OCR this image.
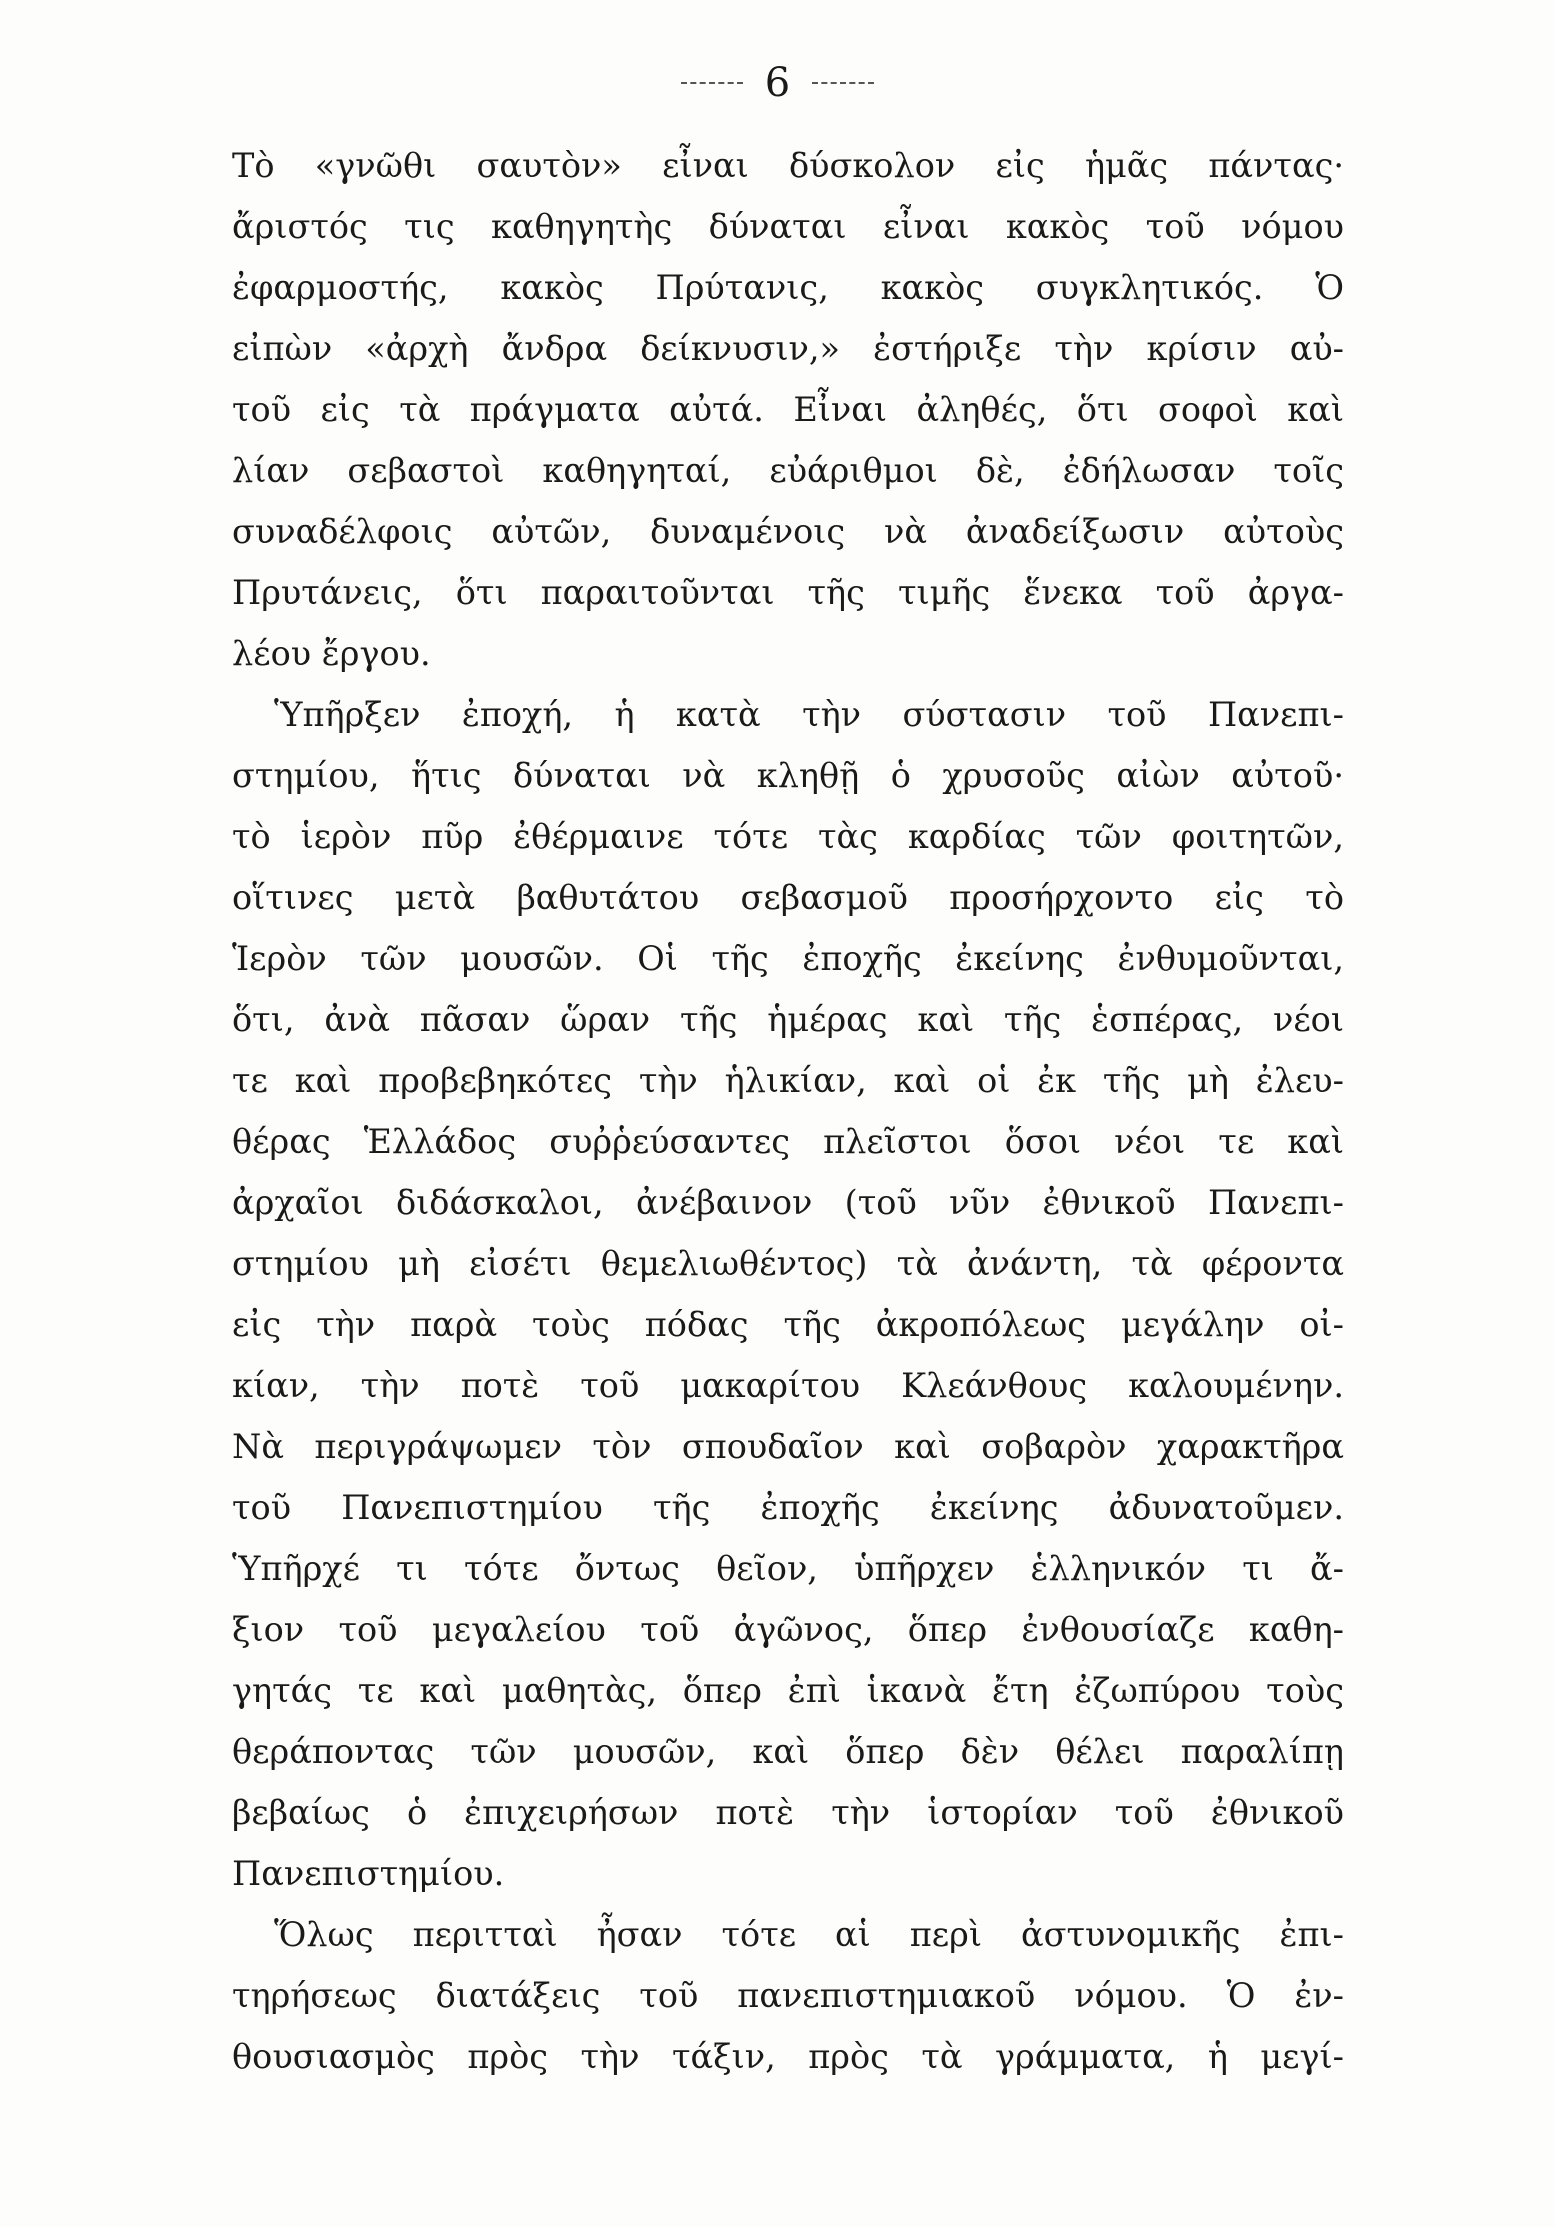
6
Τὸ «γνῶθι σαυτὸν» εἶναι δύσκολον εἰς ἡμᾶς πάντας·
ἄριστός τις καθηγητὴς δύναται εἶναι κακὸς τοῦ νόμου
ἐφαρμοστής, κακὸς Πρύτανις, κακὸς συγκλητικός. Ὁ
εἰπὼν «ἀρχὴ ἄνδρα δείκνυσιν,» ἐστήριξε τὴν κρίσιν αὐ-
τοῦ εἰς τὰ πράγματα αὐτά. Εἶναι ἀληθές, ὅτι σοφοὶ καὶ
λίαν σεβαστοὶ καθηγηταί, εὐάριθμοι δὲ, ἐδήλωσαν τοῖς
συναδέλφοις αὐτῶν, δυναμένοις νὰ ἀναδείξωσιν αὐτοὺς
Πρυτάνεις, ὅτι παραιτοῦνται τῆς τιμῆς ἕνεκα τοῦ ἀργα-
λέου ἔργου.
Ὑπῆρξεν ἐποχή, ἡ κατὰ τὴν σύστασιν τοῦ Πανεπι-
στημίου, ἥτις δύναται νὰ κληθῇ ὁ χρυσοῦς αἰὼν αὐτοῦ·
τὸ ἱερὸν πῦρ ἐθέρμαινε τότε τὰς καρδίας τῶν φοιτητῶν,
οἵτινες μετὰ βαθυτάτου σεβασμοῦ προσήρχοντο εἰς τὸ
Ἱερὸν τῶν μουσῶν. Οἱ τῆς ἐποχῆς ἐκείνης ἐνθυμοῦνται,
ὅτι, ἀνὰ πᾶσαν ὥραν τῆς ἡμέρας καὶ τῆς ἑσπέρας, νέοι
τε καὶ προβεβηκότες τὴν ἡλικίαν, καὶ οἱ ἐκ τῆς μὴ ἐλευ-
θέρας Ἑλλάδος συῤῥεύσαντες πλεῖστοι ὅσοι νέοι τε καὶ
ἀρχαῖοι διδάσκαλοι, ἀνέβαινον (τοῦ νῦν ἐθνικοῦ Πανεπι-
στημίου μὴ εἰσέτι θεμελιωθέντος) τὰ ἀνάντη, τὰ φέροντα
εἰς τὴν παρὰ τοὺς πόδας τῆς ἀκροπόλεως μεγάλην οἰ-
κίαν, τὴν ποτὲ τοῦ μακαρίτου Κλεάνθους καλουμένην.
Νὰ περιγράψωμεν τὸν σπουδαῖον καὶ σοβαρὸν χαρακτῆρα
τοῦ Πανεπιστημίου τῆς ἐποχῆς ἐκείνης ἀδυνατοῦμεν.
Ὑπῆρχέ τι τότε ὄντως θεῖον, ὑπῆρχεν ἑλληνικόν τι ἄ-
ξιον τοῦ μεγαλείου τοῦ ἀγῶνος, ὅπερ ἐνθουσίαζε καθη-
γητάς τε καὶ μαθητὰς, ὅπερ ἐπὶ ἱκανὰ ἔτη ἐζωπύρου τοὺς
θεράποντας τῶν μουσῶν, καὶ ὅπερ δὲν θέλει παραλίπῃ
βεβαίως ὁ ἐπιχειρήσων ποτὲ τὴν ἱστορίαν τοῦ ἐθνικοῦ
Πανεπιστημίου.
Ὅλως περιτταὶ ἦσαν τότε αἱ περὶ ἀστυνομικῆς ἐπι-
τηρήσεως διατάξεις τοῦ πανεπιστημιακοῦ νόμου. Ὁ ἐν-
θουσιασμὸς πρὸς τὴν τάξιν, πρὸς τὰ γράμματα, ἡ μεγί-
